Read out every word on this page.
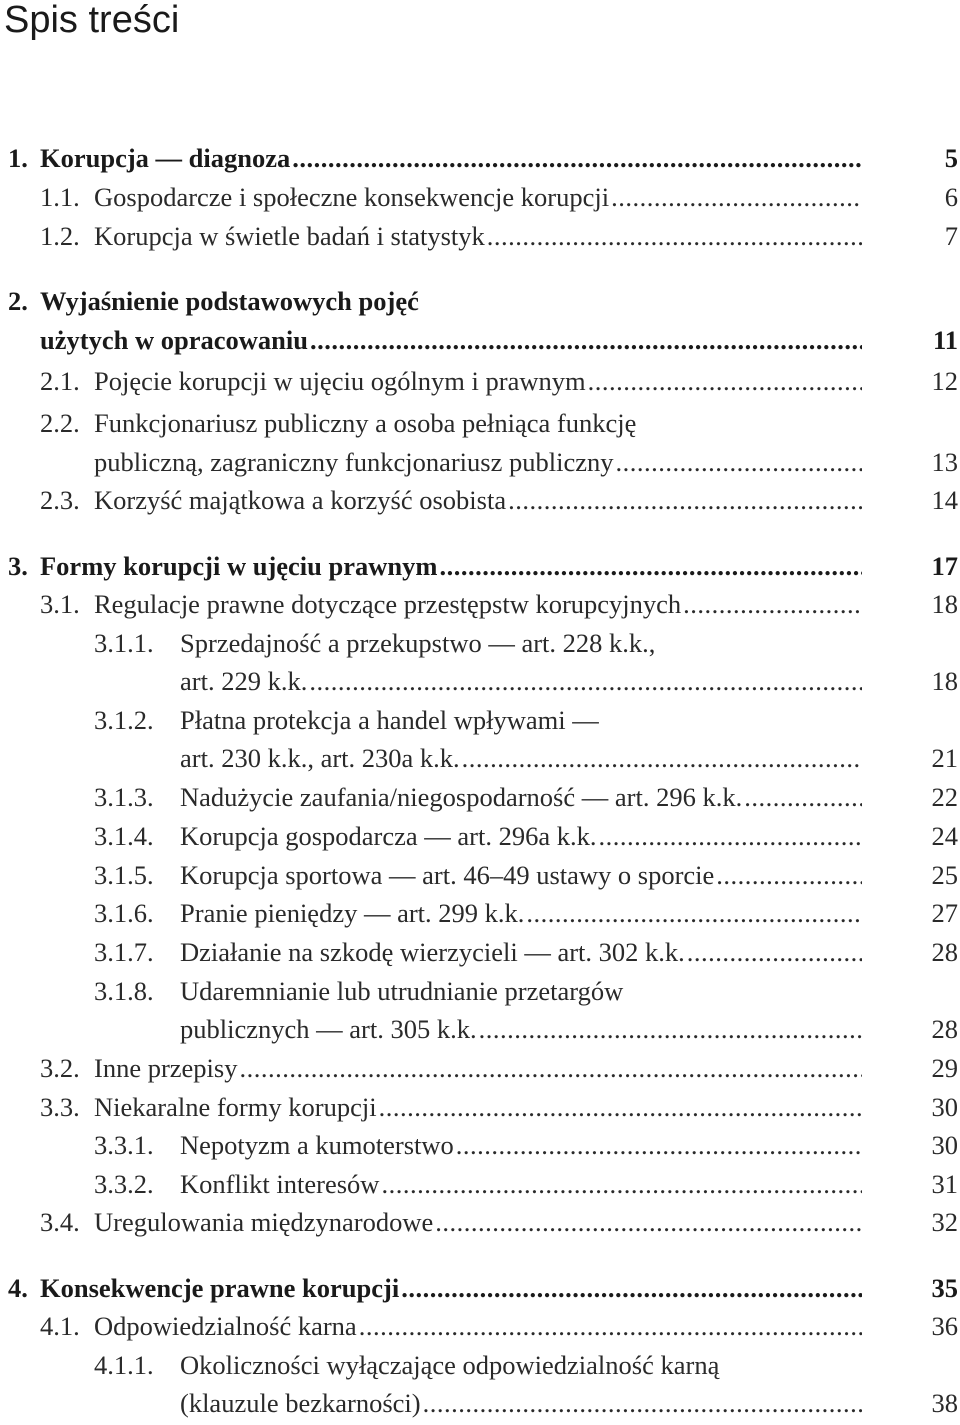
Spis treści
1. Korupcja — diagnoza .....	5
1.1. Gospodarcze i społeczne konsekwencje korupcji .....	6
1.2. Korupcja w świetle badań i statystyk .....	7
2. Wyjaśnienie podstawowych pojęć
użytych w opracowaniu .....	11
2.1. Pojęcie korupcji w ujęciu ogólnym i prawnym .....	12
2.2. Funkcjonariusz publiczny a osoba pełniąca funkcję
publiczną, zagraniczny funkcjonariusz publiczny .....	13
2.3. Korzyść majątkowa a korzyść osobista .....	14
3. Formy korupcji w ujęciu prawnym .....	17
3.1. Regulacje prawne dotyczące przestępstw korupcyjnych .....	18
3.1.1. Sprzedajność a przekupstwo — art. 228 k.k.,
art. 229 k.k. .....	18
3.1.2. Płatna protekcja a handel wpływami —
art. 230 k.k., art. 230a k.k. .....	21
3.1.3. Nadużycie zaufania/niegospodarność — art. 296 k.k. .....	22
3.1.4. Korupcja gospodarcza — art. 296a k.k. .....	24
3.1.5. Korupcja sportowa — art. 46–49 ustawy o sporcie .....	25
3.1.6. Pranie pieniędzy — art. 299 k.k. .....	27
3.1.7. Działanie na szkodę wierzycieli — art. 302 k.k. .....	28
3.1.8. Udaremnianie lub utrudnianie przetargów
publicznych — art. 305 k.k. .....	28
3.2. Inne przepisy .....	29
3.3. Niekaralne formy korupcji .....	30
3.3.1. Nepotyzm a kumoterstwo .....	30
3.3.2. Konflikt interesów .....	31
3.4. Uregulowania międzynarodowe .....	32
4. Konsekwencje prawne korupcji .....	35
4.1. Odpowiedzialność karna .....	36
4.1.1. Okoliczności wyłączające odpowiedzialność karną
(klauzule bezkarności) .....	38
